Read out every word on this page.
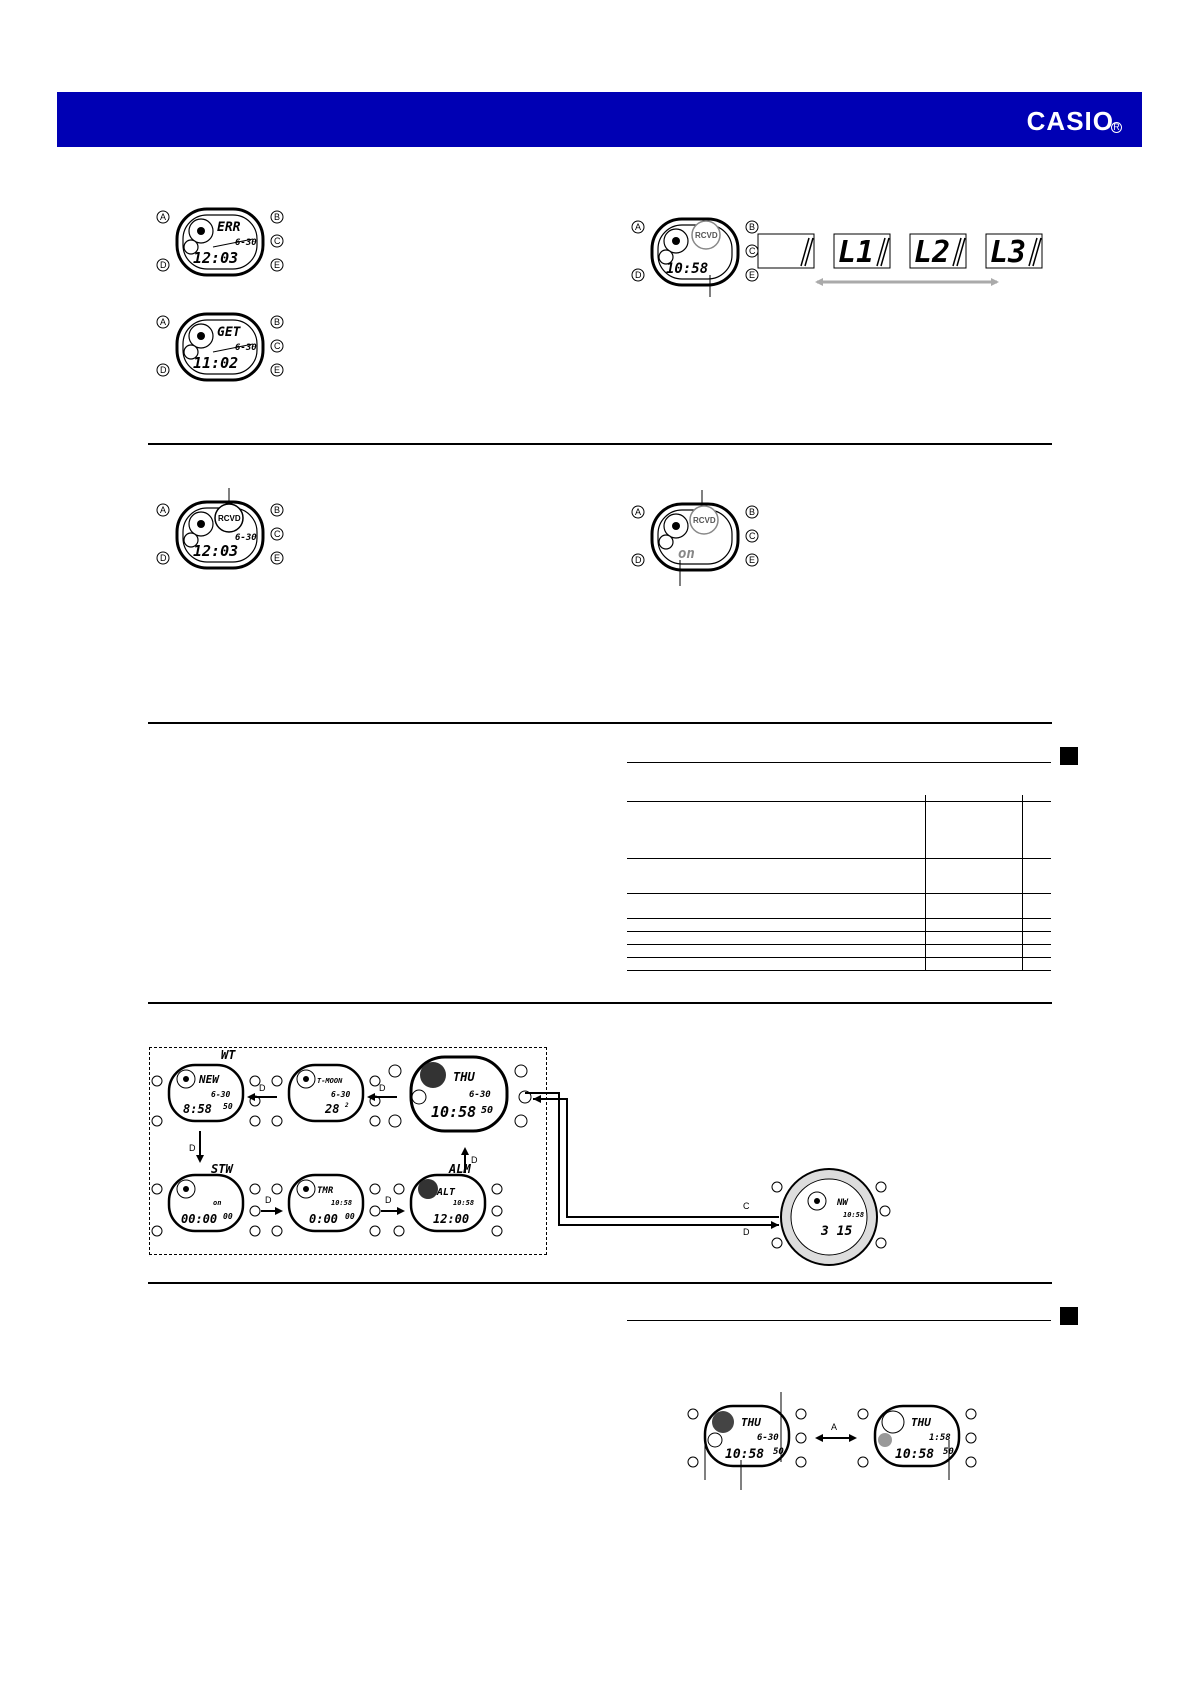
CASIO R
A	B
C
D	E
ERR
6-30
12:03
A	B
C
D	E
GET
6-30
11:02
RCVD
A	B
C
D	E
10:58	L1 L2 L3
RCVD
A	B
C
D	E
6-30
12:03
RCVD
A	B
C
D	E
on

WT
NEW
6-30
8:58 50
T-MOON
6-30
28 2
THU
6-30
10:58 50
STW
on
00:00 00
TMR
10:58
0:00 00
ALM
ALT
10:58
12:00
D	D
D
D	D
D
C
D
NW
10:58
3 15
THU
6-30
10:58 50
A	THU
1:58
10:58 50
